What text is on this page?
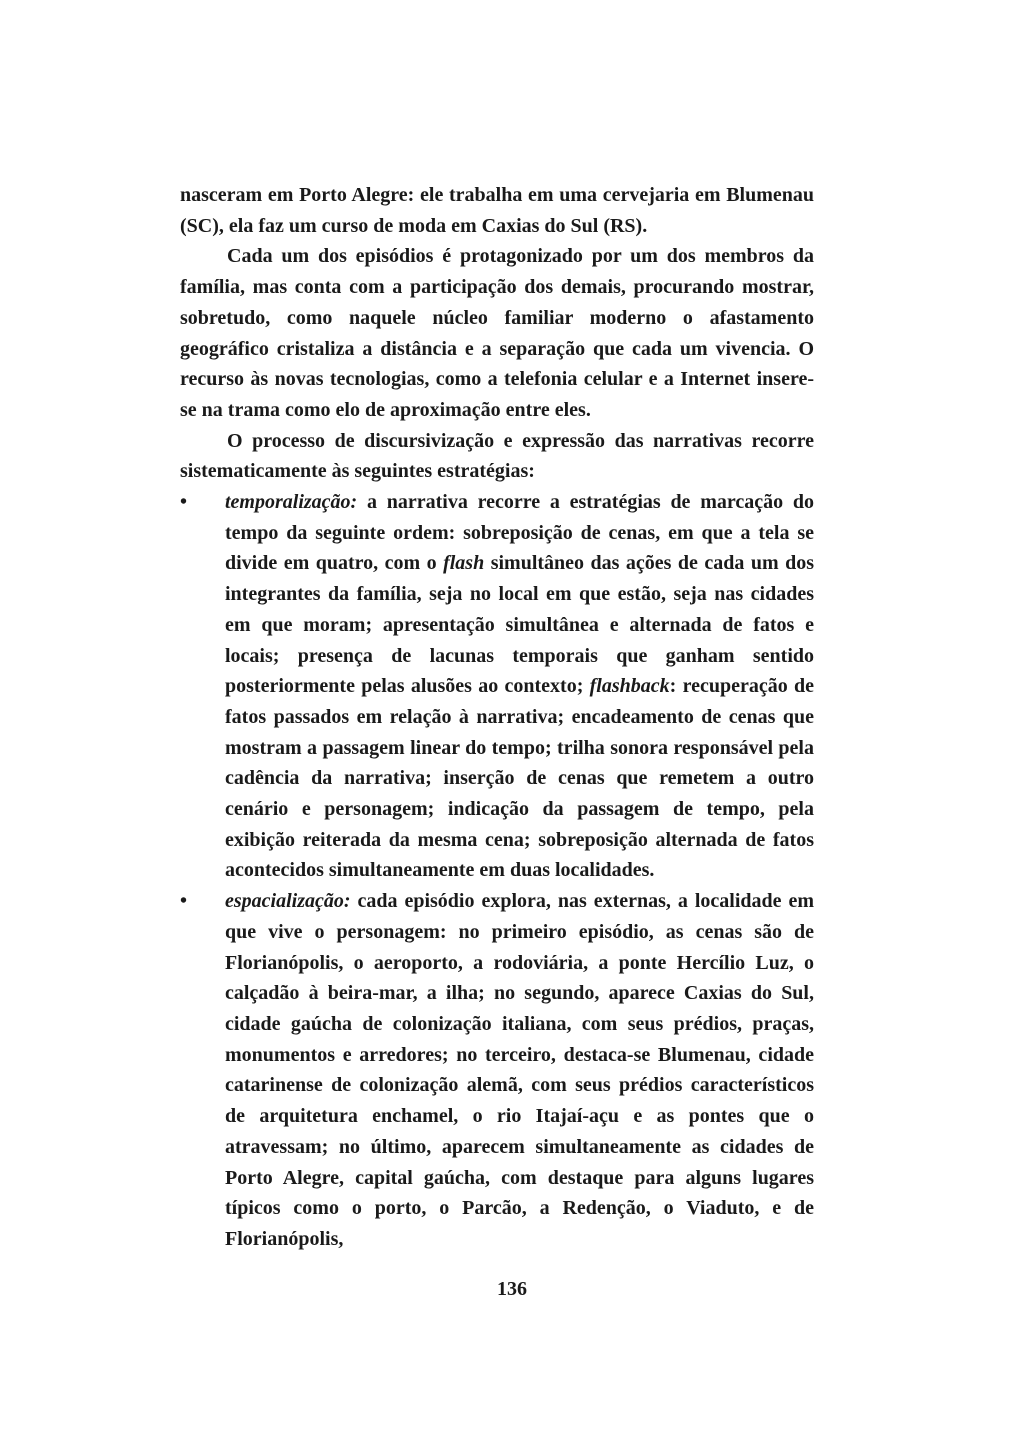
nasceram em Porto Alegre: ele trabalha em uma cervejaria em Blumenau (SC), ela faz um curso de moda em Caxias do Sul (RS).

Cada um dos episódios é protagonizado por um dos membros da família, mas conta com a participação dos demais, procurando mostrar, sobretudo, como naquele núcleo familiar moderno o afastamento geográfico cristaliza a distância e a separação que cada um vivencia. O recurso às novas tecnologias, como a telefonia celular e a Internet insere-se na trama como elo de aproximação entre eles.

O processo de discursivização e expressão das narrativas recorre sistematicamente às seguintes estratégias:

•	temporalização: a narrativa recorre a estratégias de marcação do tempo da seguinte ordem: sobreposição de cenas, em que a tela se divide em quatro, com o flash simultâneo das ações de cada um dos integrantes da família, seja no local em que estão, seja nas cidades em que moram; apresentação simultânea e alternada de fatos e locais; presença de lacunas temporais que ganham sentido posteriormente pelas alusões ao contexto; flashback: recuperação de fatos passados em relação à narrativa; encadeamento de cenas que mostram a passagem linear do tempo; trilha sonora responsável pela cadência da narrativa; inserção de cenas que remetem a outro cenário e personagem; indicação da passagem de tempo, pela exibição reiterada da mesma cena; sobreposição alternada de fatos acontecidos simultaneamente em duas localidades.

•	espacialização: cada episódio explora, nas externas, a localidade em que vive o personagem: no primeiro episódio, as cenas são de Florianópolis, o aeroporto, a rodoviária, a ponte Hercílio Luz, o calçadão à beira-mar, a ilha; no segundo, aparece Caxias do Sul, cidade gaúcha de colonização italiana, com seus prédios, praças, monumentos e arredores; no terceiro, destaca-se Blumenau, cidade catarinense de colonização alemã, com seus prédios característicos de arquitetura enchamel, o rio Itajaí-açu e as pontes que o atravessam; no último, aparecem simultaneamente as cidades de Porto Alegre, capital gaúcha, com destaque para alguns lugares típicos como o porto, o Parcão, a Redenção, o Viaduto, e de Florianópolis,

136
